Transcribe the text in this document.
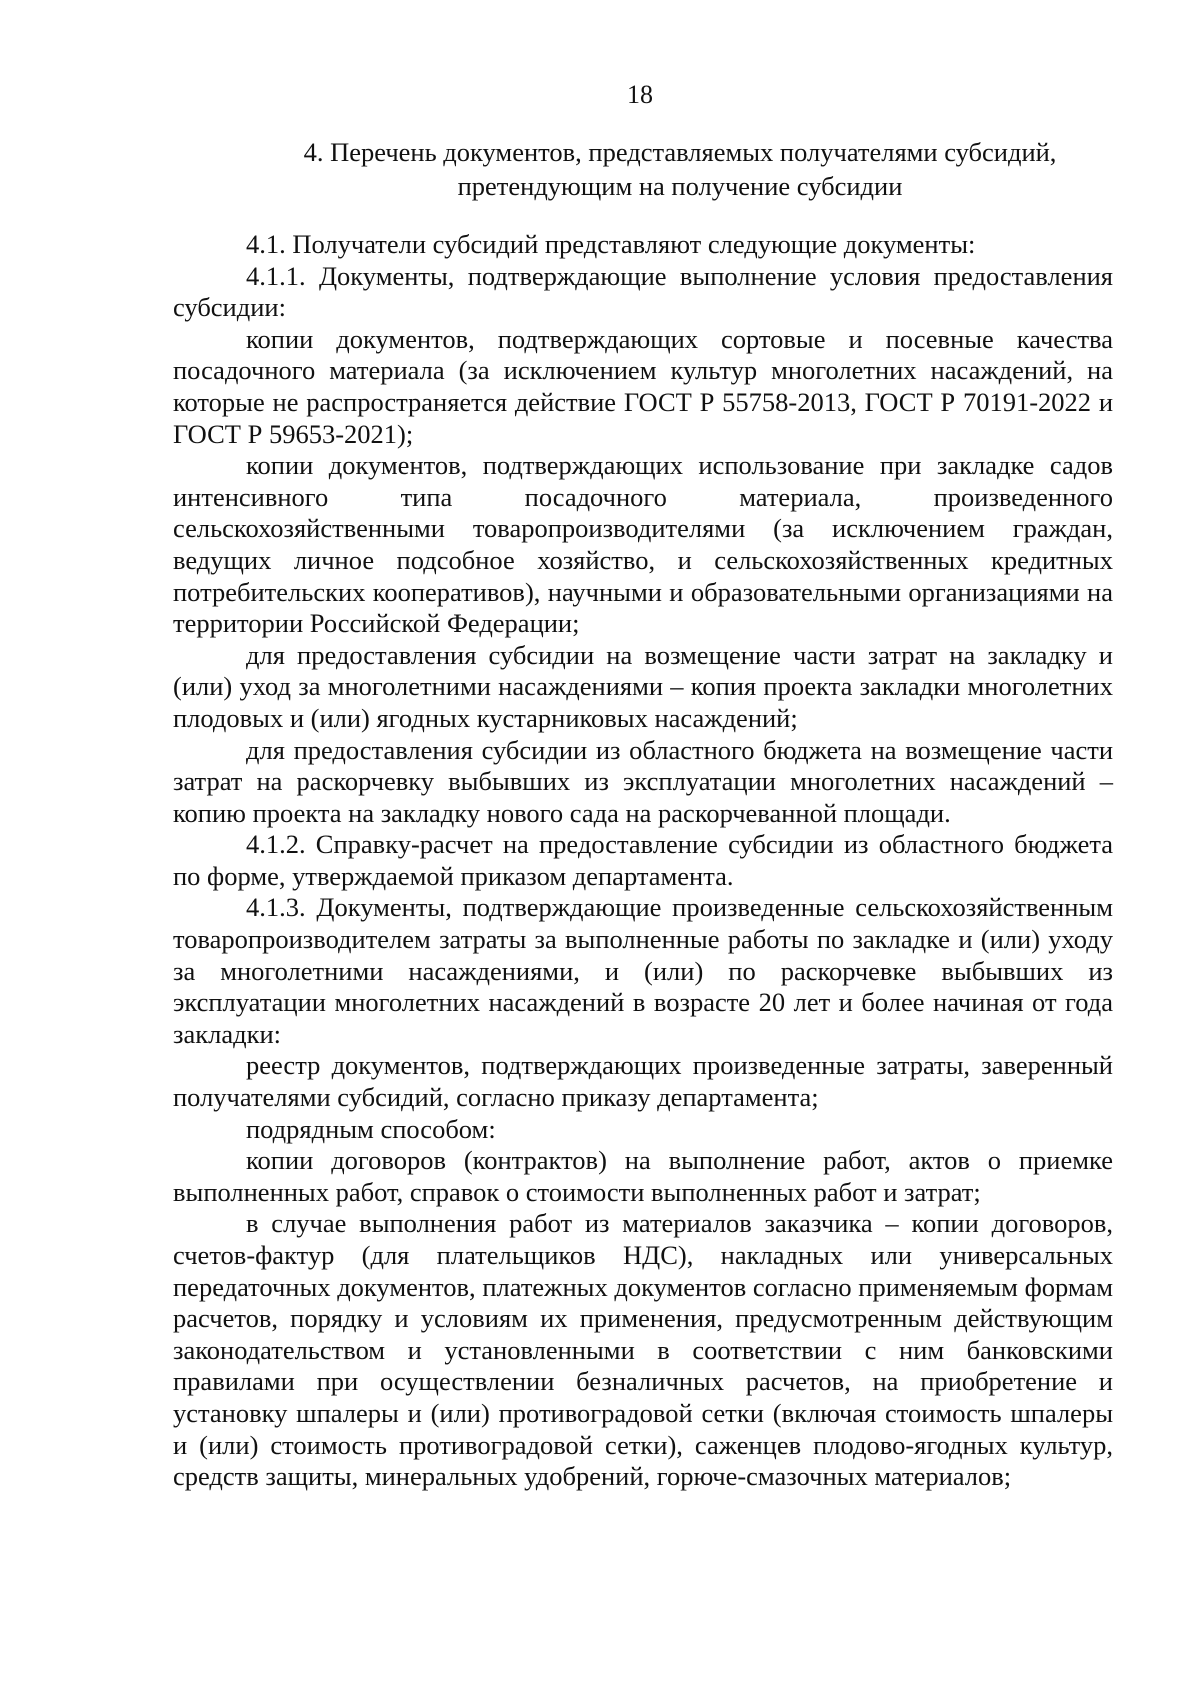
18
4. Перечень документов, представляемых получателями субсидий,
претендующим на получение субсидии

4.1. Получатели субсидий представляют следующие документы:

4.1.1. Документы, подтверждающие выполнение условия предоставления субсидии:

копии документов, подтверждающих сортовые и посевные качества посадочного материала (за исключением культур многолетних насаждений, на которые не распространяется действие ГОСТ Р 55758-2013, ГОСТ Р 70191-2022 и ГОСТ Р 59653-2021);

копии документов, подтверждающих использование при закладке садов интенсивного типа посадочного материала, произведенного сельскохозяйственными товаропроизводителями (за исключением граждан, ведущих личное подсобное хозяйство, и сельскохозяйственных кредитных потребительских кооперативов), научными и образовательными организациями на территории Российской Федерации;

для предоставления субсидии на возмещение части затрат на закладку и (или) уход за многолетними насаждениями – копия проекта закладки многолетних плодовых и (или) ягодных кустарниковых насаждений;

для предоставления субсидии из областного бюджета на возмещение части затрат на раскорчевку выбывших из эксплуатации многолетних насаждений – копию проекта на закладку нового сада на раскорчеванной площади.

4.1.2. Справку-расчет на предоставление субсидии из областного бюджета по форме, утверждаемой приказом департамента.

4.1.3. Документы, подтверждающие произведенные сельскохозяйственным товаропроизводителем затраты за выполненные работы по закладке и (или) уходу за многолетними насаждениями, и (или) по раскорчевке выбывших из эксплуатации многолетних насаждений в возрасте 20 лет и более начиная от года закладки:

реестр документов, подтверждающих произведенные затраты, заверенный получателями субсидий, согласно приказу департамента;

подрядным способом:

копии договоров (контрактов) на выполнение работ, актов о приемке выполненных работ, справок о стоимости выполненных работ и затрат;

в случае выполнения работ из материалов заказчика – копии договоров, счетов-фактур (для плательщиков НДС), накладных или универсальных передаточных документов, платежных документов согласно применяемым формам расчетов, порядку и условиям их применения, предусмотренным действующим законодательством и установленными в соответствии с ним банковскими правилами при осуществлении безналичных расчетов, на приобретение и установку шпалеры и (или) противоградовой сетки (включая стоимость шпалеры и (или) стоимость противоградовой сетки), саженцев плодово-ягодных культур, средств защиты, минеральных удобрений, горюче-смазочных материалов;
